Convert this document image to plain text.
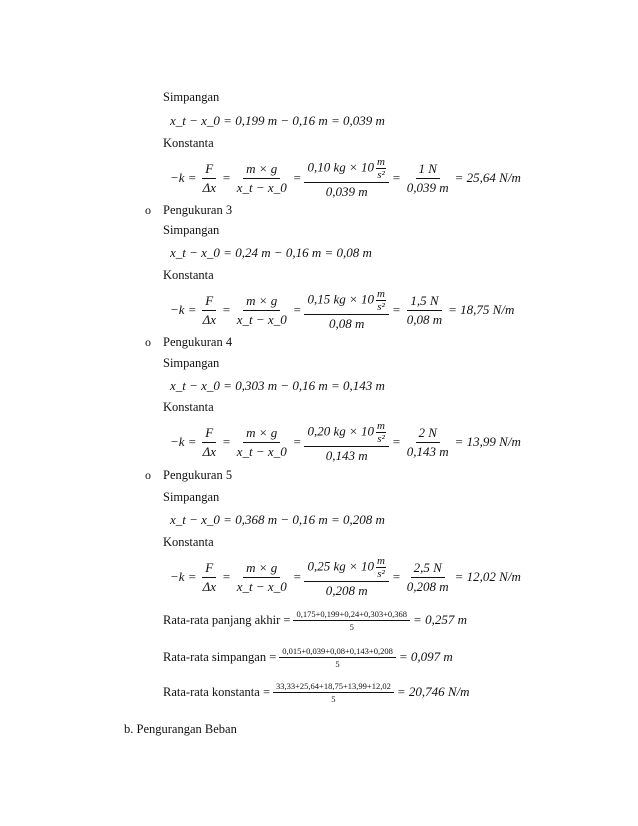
Simpangan
x_t − x_0 = 0,199 m − 0,16 m = 0,039 m
Konstanta
$-k = \frac{F}{\Delta x} = \frac{m \times g}{x\_t - x\_0} = \frac{0,10 kg \times 10 \frac{m}{\text{s²}}}{0,039 m} = \frac{1 N}{0,039 m} = 25,64$ N/m
o Pengukuran 3
Simpangan
x_t − x_0 = 0,24 m − 0,16 m = 0,08 m
Konstanta
$-k = \frac{F}{\Delta x} = \frac{m \times g}{x\_t - x\_0} = \frac{0,15 kg \times 10 \frac{m}{\text{s²}}}{0,08 m} = \frac{1,5 N}{0,08 m} = 18,75$ N/m
o Pengukuran 4
Simpangan
x_t − x_0 = 0,303 m − 0,16 m = 0,143 m
Konstanta
$-k = \frac{F}{\Delta x} = \frac{m \times g}{x\_t - x\_0} = \frac{0,20 kg \times 10 \frac{m}{\text{s²}}}{0,143 m} = \frac{2 N}{0,143 m} = 13,99$ N/m
o Pengukuran 5
Simpangan
x_t − x_0 = 0,368 m − 0,16 m = 0,208 m
Konstanta
$-k = \frac{F}{\Delta x} = \frac{m \times g}{x\_t - x\_0} = \frac{0,25 kg \times 10 \frac{m}{\text{s²}}}{0,208 m} = \frac{2,5 N}{0,208 m} = 12,02$ N/m
Rata-rata panjang akhir = $\frac{0,175+0,199+0,24+0,303+0,368}{5} = 0,257$ m
Rata-rata simpangan = $\frac{0,015+0,039+0,08+0,143+0,208}{5} = 0,097$ m
Rata-rata konstanta = $\frac{33,33+25,64+18,75+13,99+12,02}{5} = 20,746$ N/m
b. Pengurangan Beban
